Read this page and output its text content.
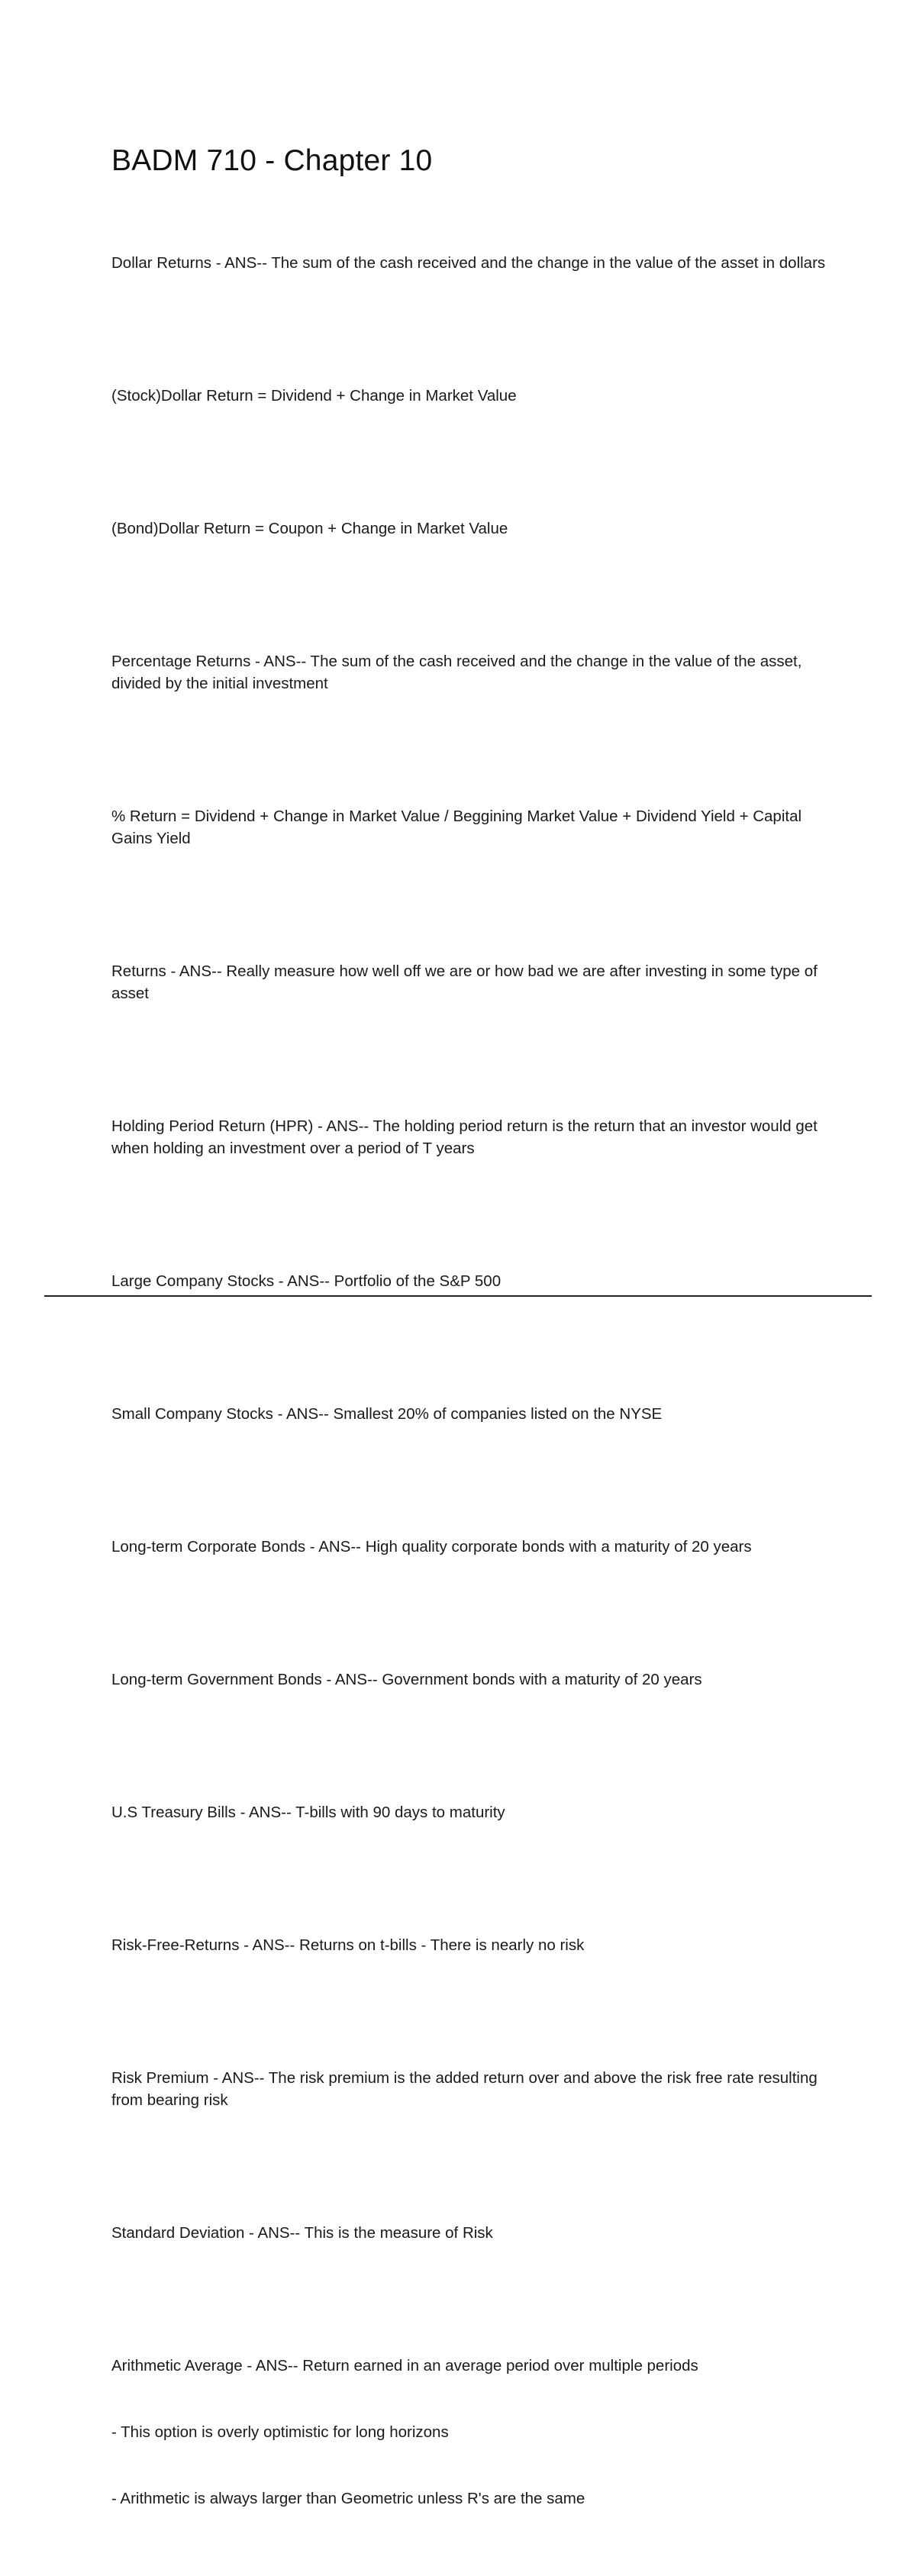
BADM 710 - Chapter 10

Dollar Returns - ANS-- The sum of the cash received and the change in the value of the asset in dollars

(Stock)Dollar Return = Dividend + Change in Market Value

(Bond)Dollar Return = Coupon + Change in Market Value

Percentage Returns - ANS-- The sum of the cash received and the change in the value of the asset, divided by the initial investment

% Return = Dividend + Change in Market Value / Beggining Market Value + Dividend Yield + Capital Gains Yield

Returns - ANS-- Really measure how well off we are or how bad we are after investing in some type of asset

Holding Period Return (HPR) - ANS-- The holding period return is the return that an investor would get when holding an investment over a period of T years

Large Company Stocks - ANS-- Portfolio of the S&P 500

Small Company Stocks - ANS-- Smallest 20% of companies listed on the NYSE

Long-term Corporate Bonds - ANS-- High quality corporate bonds with a maturity of 20 years

Long-term Government Bonds - ANS-- Government bonds with a maturity of 20 years

U.S Treasury Bills - ANS-- T-bills with 90 days to maturity

Risk-Free-Returns - ANS-- Returns on t-bills - There is nearly no risk

Risk Premium - ANS-- The risk premium is the added return over and above the risk free rate resulting from bearing risk

Standard Deviation - ANS-- This is the measure of Risk

Arithmetic Average - ANS-- Return earned in an average period over multiple periods

- This option is overly optimistic for long horizons

- Arithmetic is always larger than Geometric unless R's are the same
